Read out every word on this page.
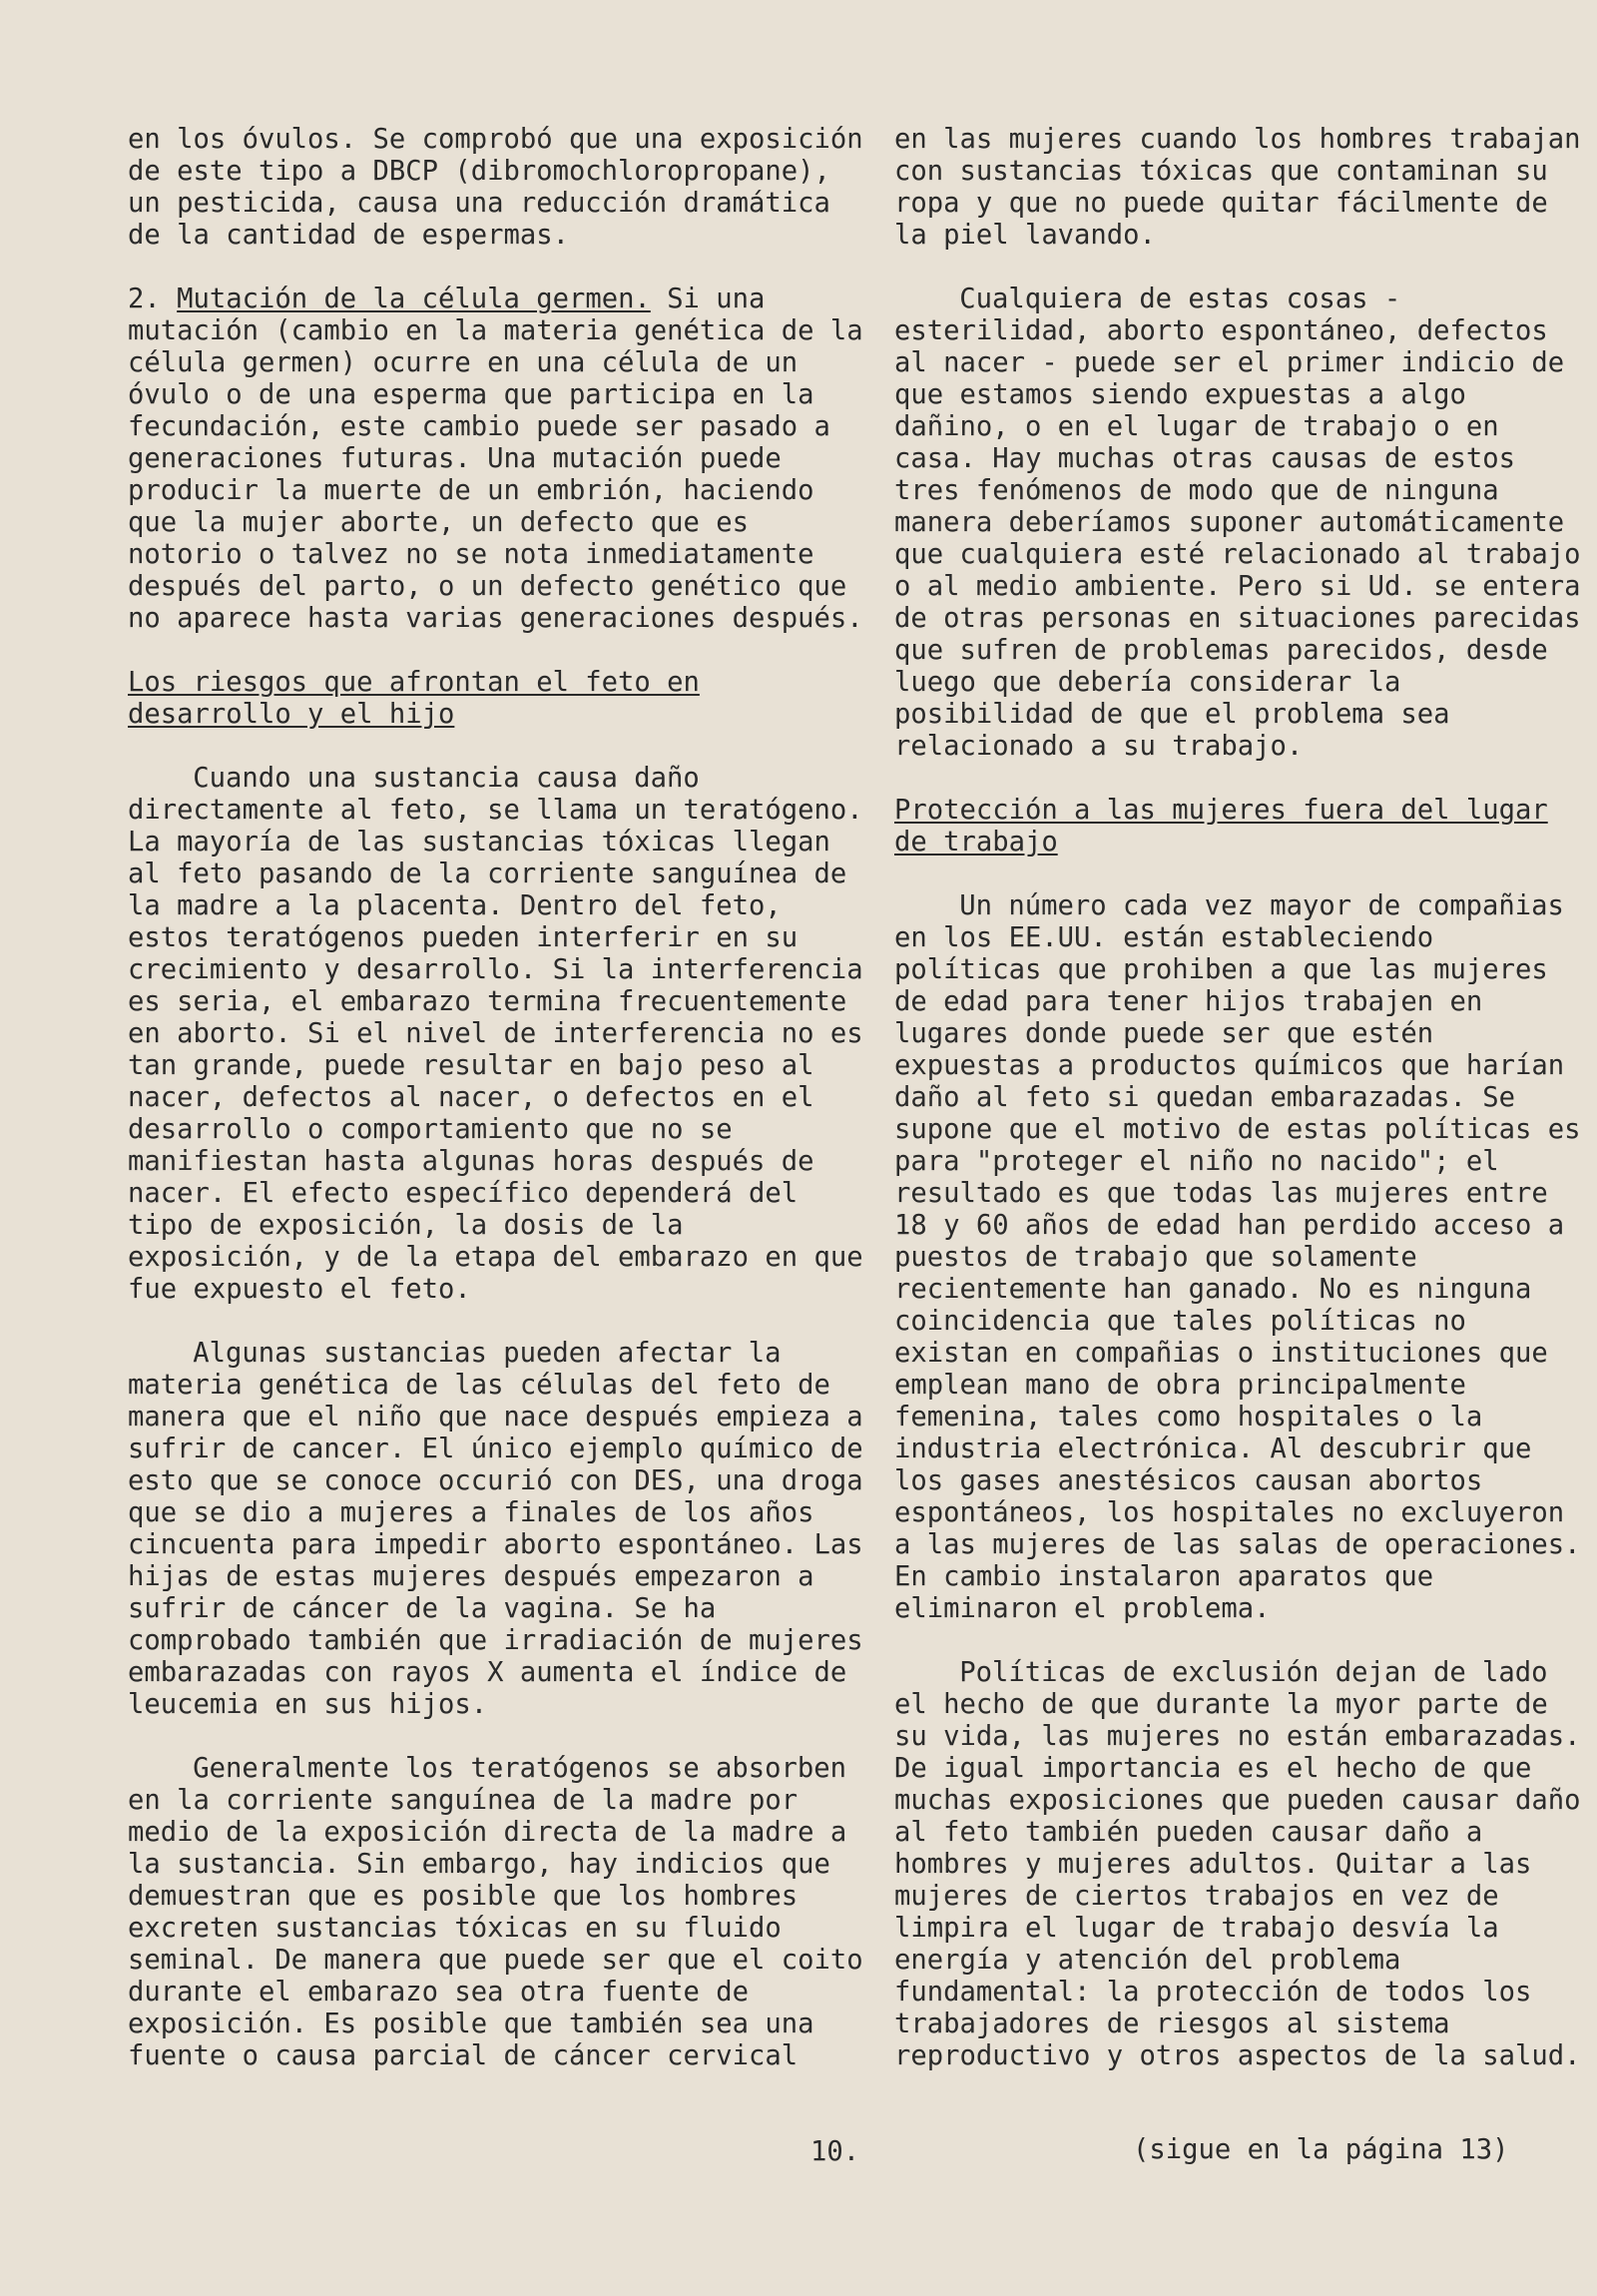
en los óvulos. Se comprobó que una exposición de este tipo a DBCP (dibromochloropropane), un pesticida, causa una reducción dramática de la cantidad de espermas.

2. Mutación de la célula germen. Si una mutación (cambio en la materia genética de la célula germen) ocurre en una célula de un óvulo o de una esperma que participa en la fecundación, este cambio puede ser pasado a generaciones futuras. Una mutación puede producir la muerte de un embrión, haciendo que la mujer aborte, un defecto que es notorio o talvez no se nota inmediatamente después del parto, o un defecto genético que no aparece hasta varias generaciones después.

Los riesgos que afrontan el feto en desarrollo y el hijo

Cuando una sustancia causa daño directamente al feto, se llama un teratógeno. La mayoría de las sustancias tóxicas llegan al feto pasando de la corriente sanguínea de la madre a la placenta. Dentro del feto, estos teratógenos pueden interferir en su crecimiento y desarrollo. Si la interferencia es seria, el embarazo termina frecuentemente en aborto. Si el nivel de interferencia no es tan grande, puede resultar en bajo peso al nacer, defectos al nacer, o defectos en el desarrollo o comportamiento que no se manifiestan hasta algunas horas después de nacer. El efecto específico dependerá del tipo de exposición, la dosis de la exposición, y de la etapa del embarazo en que fue expuesto el feto.

Algunas sustancias pueden afectar la materia genética de las células del feto de manera que el niño que nace después empieza a sufrir de cancer. El único ejemplo químico de esto que se conoce occurió con DES, una droga que se dio a mujeres a finales de los años cincuenta para impedir aborto espontáneo. Las hijas de estas mujeres después empezaron a sufrir de cáncer de la vagina. Se ha comprobado también que irradiación de mujeres embarazadas con rayos X aumenta el índice de leucemia en sus hijos.

Generalmente los teratógenos se absorben en la corriente sanguínea de la madre por medio de la exposición directa de la madre a la sustancia. Sin embargo, hay indicios que demuestran que es posible que los hombres excreten sustancias tóxicas en su fluido seminal. De manera que puede ser que el coito durante el embarazo sea otra fuente de exposición. Es posible que también sea una fuente o causa parcial de cáncer cervical

en las mujeres cuando los hombres trabajan con sustancias tóxicas que contaminan su ropa y que no puede quitar fácilmente de la piel lavando.

Cualquiera de estas cosas - esterilidad, aborto espontáneo, defectos al nacer - puede ser el primer indicio de que estamos siendo expuestas a algo dañino, o en el lugar de trabajo o en casa. Hay muchas otras causas de estos tres fenómenos de modo que de ninguna manera deberíamos suponer automáticamente que cualquiera esté relacionado al trabajo o al medio ambiente. Pero si Ud. se entera de otras personas en situaciones parecidas que sufren de problemas parecidos, desde luego que debería considerar la posibilidad de que el problema sea relacionado a su trabajo.

Protección a las mujeres fuera del lugar de trabajo

Un número cada vez mayor de compañias en los EE.UU. están estableciendo políticas que prohiben a que las mujeres de edad para tener hijos trabajen en lugares donde puede ser que estén expuestas a productos químicos que harían daño al feto si quedan embarazadas. Se supone que el motivo de estas políticas es para "proteger el niño no nacido"; el resultado es que todas las mujeres entre 18 y 60 años de edad han perdido acceso a puestos de trabajo que solamente recientemente han ganado. No es ninguna coincidencia que tales políticas no existan en compañias o instituciones que emplean mano de obra principalmente femenina, tales como hospitales o la industria electrónica. Al descubrir que los gases anestésicos causan abortos espontáneos, los hospitales no excluyeron a las mujeres de las salas de operaciones. En cambio instalaron aparatos que eliminaron el problema.

Políticas de exclusión dejan de lado el hecho de que durante la myor parte de su vida, las mujeres no están embarazadas. De igual importancia es el hecho de que muchas exposiciones que pueden causar daño al feto también pueden causar daño a hombres y mujeres adultos. Quitar a las mujeres de ciertos trabajos en vez de limpira el lugar de trabajo desvía la energía y atención del problema fundamental: la protección de todos los trabajadores de riesgos al sistema reproductivo y otros aspectos de la salud.

10.	(sigue en la página 13)
